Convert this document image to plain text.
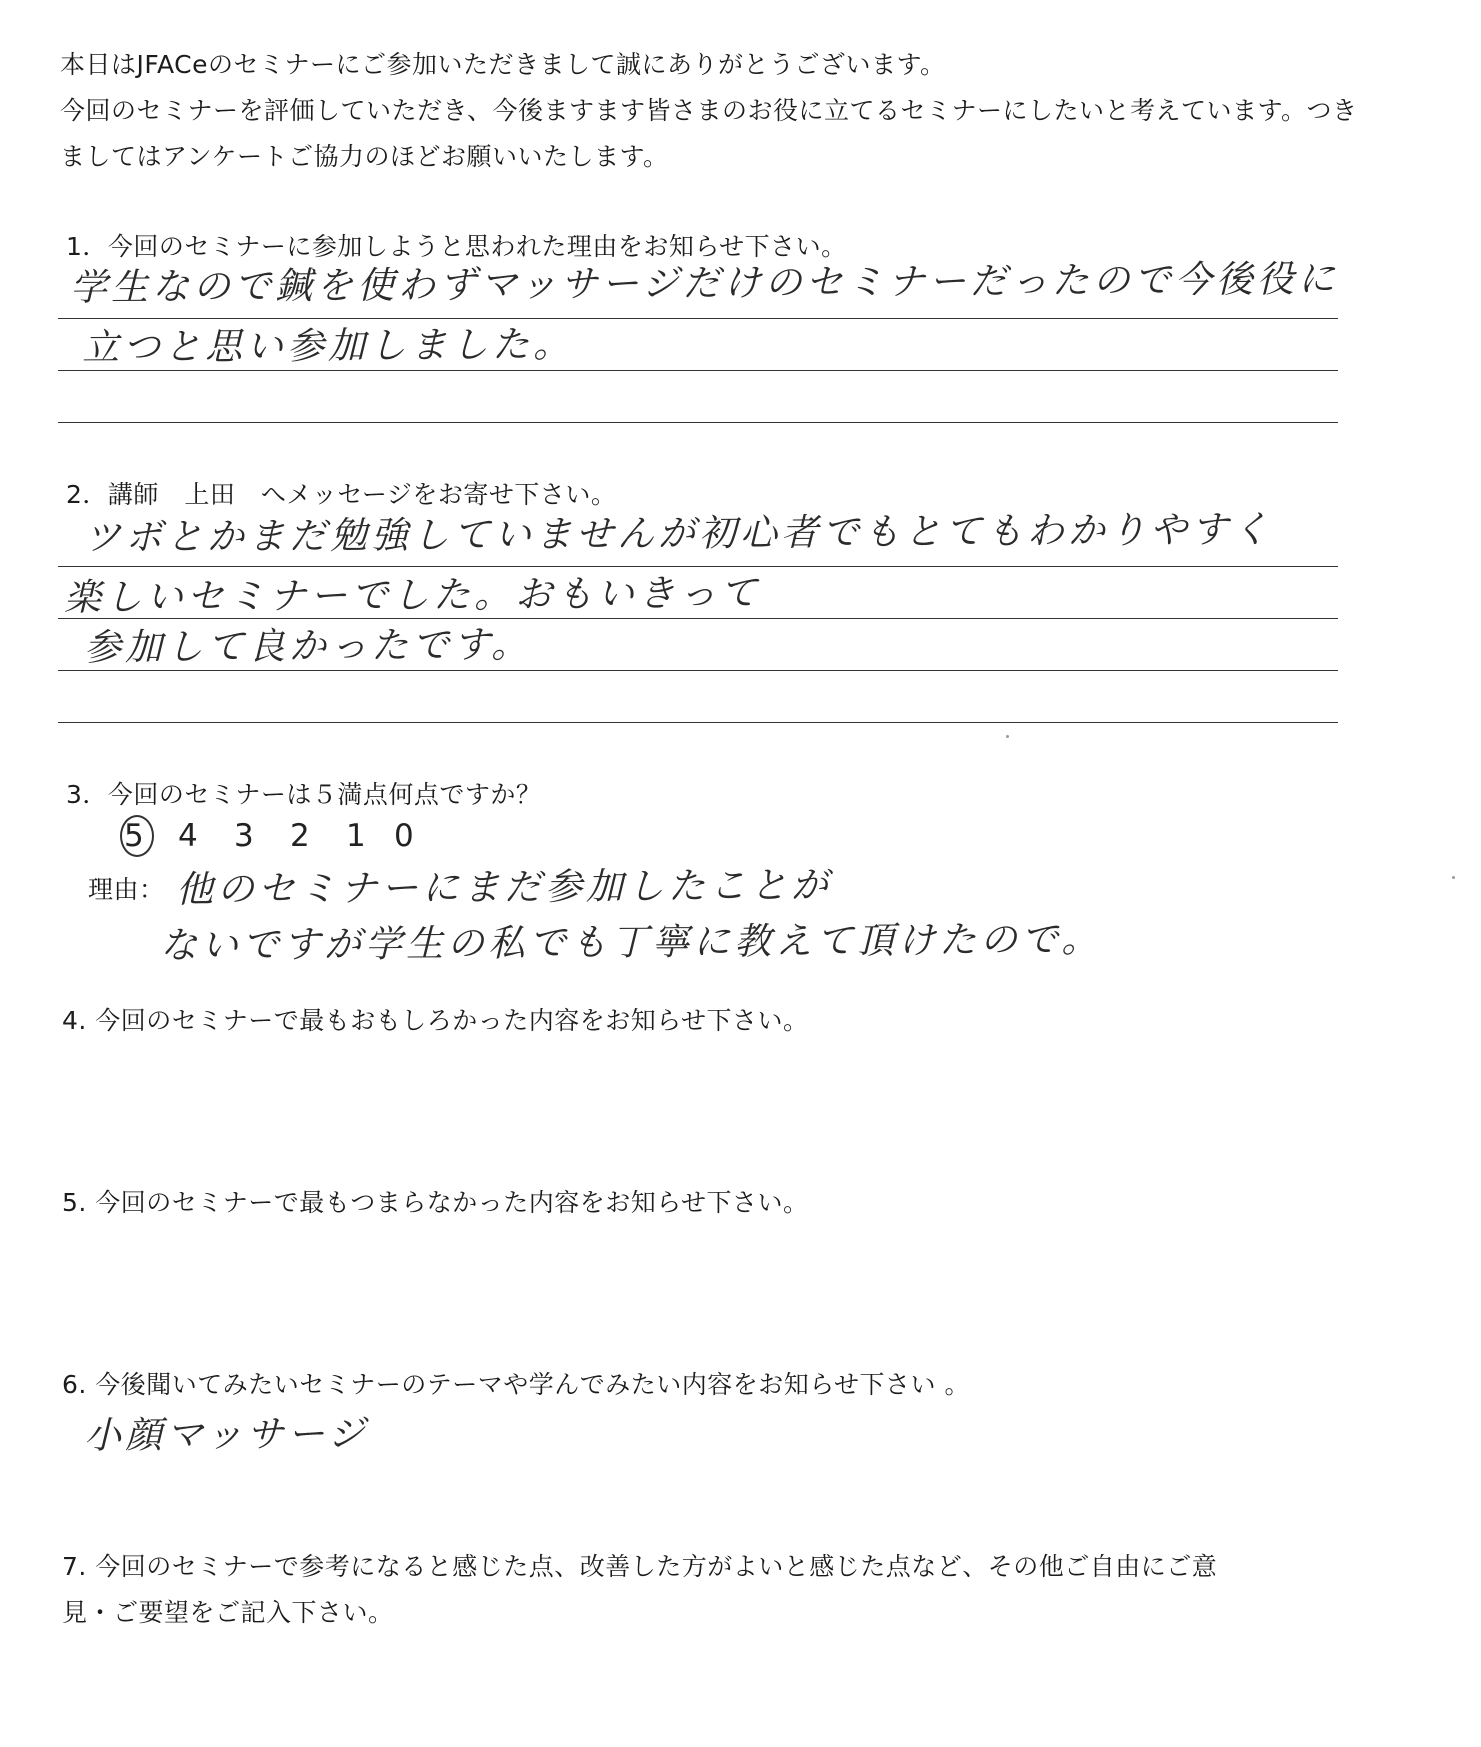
本日はJFACeのセミナーにご参加いただきまして誠にありがとうございます。
今回のセミナーを評価していただき、今後ますます皆さまのお役に立てるセミナーにしたいと考えています。つき
ましてはアンケートご協力のほどお願いいたします。
1．今回のセミナーに参加しようと思われた理由をお知らせ下さい。
学生なので鍼を使わずマッサージだけのセミナーだったので今後役に
立つと思い参加しました。
2．講師　上田　へメッセージをお寄せ下さい。
ツボとかまだ勉強していませんが初心者でもとてもわかりやすく
楽しいセミナーでした。おもいきって
参加して良かったです。
3．今回のセミナーは５満点何点ですか？
5 4 3 2 1 0
理由： 他のセミナーにまだ参加したことが
ないですが学生の私でも丁寧に教えて頂けたので。
4. 今回のセミナーで最もおもしろかった内容をお知らせ下さい。
5. 今回のセミナーで最もつまらなかった内容をお知らせ下さい。
6. 今後聞いてみたいセミナーのテーマや学んでみたい内容をお知らせ下さい 。
小顔マッサージ
7. 今回のセミナーで参考になると感じた点、改善した方がよいと感じた点など、その他ご自由にご意
見・ご要望をご記入下さい。
